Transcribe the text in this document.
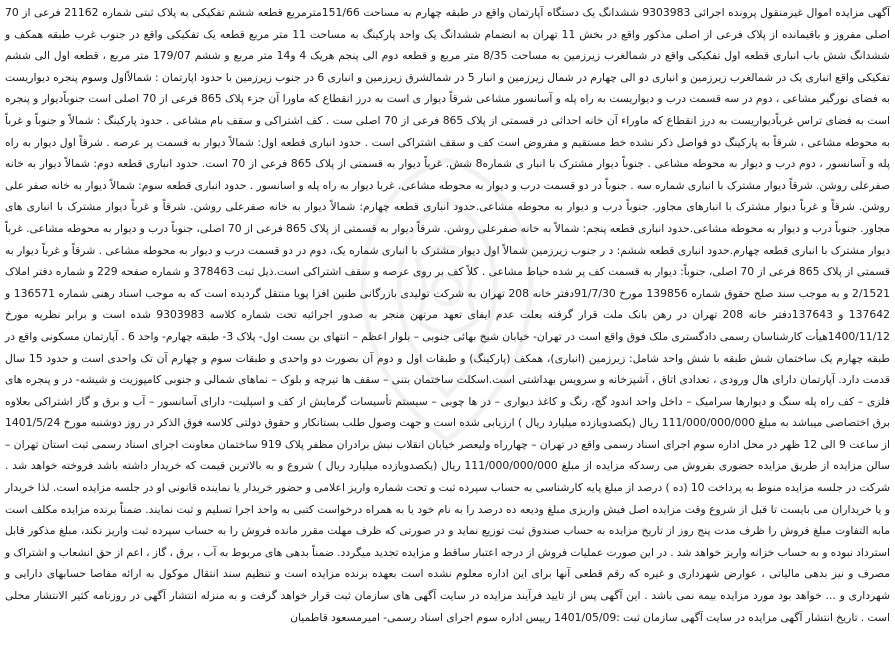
آگهی مزایده اموال غیرمنقول پرونده اجرائی 9303983 ششدانگ یک دستگاه آپارتمان واقع در طبقه چهارم به مساحت 151/66مترمربع قطعه ششم تفکیکی به پلاک ثبتی شماره 21162 فرعی از 70 اصلی مفروز و باقیمانده از پلاک فرعی از اصلی مذکور واقع در بخش 11 تهران به انضمام ششدانگ یک واحد پارکینگ به مساحت 11 متر مربع قطعه یک تفکیکی واقع در جنوب غرب طبقه همکف و ششدانگ شش باب انباری قطعه اول تفکیکی واقع در شمالغرب زیرزمین به مساحت 8/35 متر مربع و قطعه دوم الی پنجم هریک 4 و14 متر مربع و ششم 179/07 متر مربع ، قطعه اول الی ششم تفکیکی واقع انباری یک در شمالغرب زیرزمین و انباری دو الی چهارم در شمال زیرزمین و انبار 5 در شمالشرق زیرزمین و انباری 6 در جنوب زیرزمین با حدود اپارتمان : شمالاًاول وسوم پنجره دیواریست به فضای نورگیر مشاعی ، دوم در سه قسمت درب و دیواریست به راه پله و آسانسور مشاعی شرقاً دیوار ی است به درز انقطاع که ماورا آن جزء پلاک 865 فرعی از 70 اصلی است جنوباًدیوار و پنجره است به فضای تراس غرباًدیواریست به درز انقطاع که ماوراء آن خانه احداثی در قسمتی از پلاک 865 فرعی از 70 اصلی ست . کف اشتراکی و سقف بام مشاعی . حدود پارکینگ : شمالاً و جنوباً و غرباً به محوطه مشاعی ، شرقاً به پارکینگ دو فواصل ذکر نشده خط مستقیم و مفروض است کف و سقف اشتراکی است . حدود انباری قطعه اول: شمالاً دیوار به قسمت پر عرصه . شرقاً اول دیوار به راه پله و آسانسور ، دوم درب و دیوار به محوطه مشاعی . جنوباً دیوار مشترک با انبار ی شماره8 شش. غرباً دیوار به قسمتی از پلاک 865 فرعی از 70 است. حدود انباری قطعه دوم: شمالاً دیوار به خانه صفرعلی روشن. شرقاً دیوار مشترک با انباری شماره سه . جنوباً در دو قسمت درب و دیوار به محوطه مشاعی. غربا دیوار به راه پله و اسانسور . حدود انباری قطعه سوم: شمالاً دیوار به خانه صفر علی روشن. شرقاً و غرباً دیوار مشترک با انبارهای مجاور. جنوباً درب و دیوار به محوطه مشاعی.حدود انباری قطعه چهارم: شمالاً دیوار به خانه صفرعلی روشن. شرقاً و غرباً دیوار مشترک با انباری های مجاور. جنوباً درب و دیوار به محوطه مشاعی.حدود انباری قطعه پنجم: شمالاً به خانه صفرعلی روشن. شرقاً دیوار به قسمتی از پلاک 865 فرعی از 70 اصلی، جنوباً درب و دیوار به محوطه مشاعی. غرباً دیوار مشترک با انباری قطعه چهارم.حدود انباری قطعه ششم: د ر جنوب زیرزمین شمالاً اول دیوار مشترک با انباری شماره یک، دوم در دو قسمت درب و دیوار به محوطه مشاعی . شرقاً و غرباً دیوار به قسمتی از پلاک 865 فرعی از 70 اصلی، جنوباً: دیوار به قسمت کف پر شده حیاط مشاعی . کلاً کف بر روی عرصه و سقف اشتراکی است.ذیل ثبت 378463 و شماره صفحه 229 و شماره دفتر املاک 2/1521 و به موجب سند صلح حقوق شماره 139856 مورخ 91/7/30دفتر خانه 208 تهران به شرکت تولیدی بازرگانی طنین افزا پویا منتقل گردیده است که به موجب اسناد رهنی شماره 136571 و 137642 و 137643دفتر خانه 208 تهران در رهن بانک ملت قرار گرفته بعلت عدم ایفای تعهد مرتهن منجر به صدور اجرائیه تحت شماره کلاسه 9303983 شده است و برابر نظریه مورخ 1400/11/12هیأت کارشناسان رسمی دادگستری ملک فوق واقع است در تهران- خیابان شیخ بهائی جنوبی – بلوار اعظم – انتهای بن بست اول- پلاک 3- طبقه چهارم- واحد 6 . آپارتمان مسکونی واقع در طبقه چهارم یک ساختمان شش طبقه با شش واحد شامل: زیرزمین (انباری)، همکف (پارکینگ) و طبقات اول و دوم آن بصورت دو واحدی و طبقات سوم و چهارم آن تک واحدی است و حدود 15 سال قدمت دارد. آپارتمان دارای هال ورودی ، تعدادی اتاق ، آشپزخانه و سرویس بهداشتی است.اسکلت ساختمان بتنی – سقف ها تیرچه و بلوک – نماهای شمالی و جنوبی کامپوزیت و شیشه- در و پنجره های فلزی – کف راه پله سنگ و دیوارها سرامیک – داخل واحد اندود گچ، رنگ و کاغذ دیواری – در ها چوبی – سیستم تأسیسات گرمایش از کف و اسپلیت- دارای آسانسور – آب و برق و گاز اشتراکی بعلاوه برق اختصاصی میباشد به مبلغ 111/000/000/000 ریال (یکصدویازده میلیارد ریال ) ارزیابی شده است و جهت وصول طلب بستانکار و حقوق دولتی کلاسه فوق الذکر در روز دوشنبه مورخ 1401/5/24 از ساعت 9 الی 12 ظهر در محل اداره سوم اجرای اسناد رسمی واقع در تهران – چهارراه ولیعصر خیابان انقلاب نبش برادران مظفر پلاک 919 ساختمان معاونت اجرای اسناد رسمی ثبت استان تهران – سالن مزایده از طریق مزایده حضوری بفروش می رسدکه مزایده از مبلغ 111/000/000/000 ریال (یکصدویازده میلیارد ریال ) شروع و به بالاترین قیمت که خریدار داشته باشد فروخته خواهد شد . شرکت در جلسه مزایده منوط به پرداخت 10 (ده ) درصد از مبلغ پایه کارشناسی به حساب سپرده ثبت و تحت شماره واریز اعلامی و حضور خریدار یا نماینده قانونی او در جلسه مزایده است. لذا خریدار و یا خریداران می بایست تا قبل از شروع وقت مزایده اصل فیش واریزی مبلغ ودیعه ده درصد را به نام خود یا به همراه درخواست کتبی به واحد اجرا تسلیم و ثبت نمایند. ضمناً برنده مزایده مکلف است مابه التفاوت مبلغ فروش را ظرف مدت پنج روز از تاریخ مزایده به حساب صندوق ثبت توزیع نماید و در صورتی که ظرف مهلت مقرر مانده فروش را به حساب سپرده ثبت واریز نکند، مبلغ مذکور قابل استرداد نبوده و به حساب خزانه واریز خواهد شد . در این صورت عملیات فروش از درجه اعتبار ساقط و مزایده تجدید میگردد. ضمناً بدهی های مربوط به آب ، برق ، گاز ، اعم از حق انشعاب و اشتراک و مصرف و نیز بدهی مالیاتی ، عوارض شهرداری و غیره که رقم قطعی آنها برای این اداره معلوم نشده است بعهده برنده مزایده است و تنظیم سند انتقال موکول به ارائه مفاصا حسابهای دارایی و شهرداری و ... خواهد بود مورد مزایده بیمه نمی باشد . این آگهی پس از تایید فرآیند مزایده در سایت آگهی های سازمان ثبت قرار خواهد گرفت و به منزله انتشار آگهی در روزنامه کثیر الانتشار محلی است . تاریخ انتشار آگهی مزایده در سایت آگهی سازمان ثبت :1401/05/09 رییس اداره سوم اجرای اسناد رسمی- امیرمسعود قاطمیان
